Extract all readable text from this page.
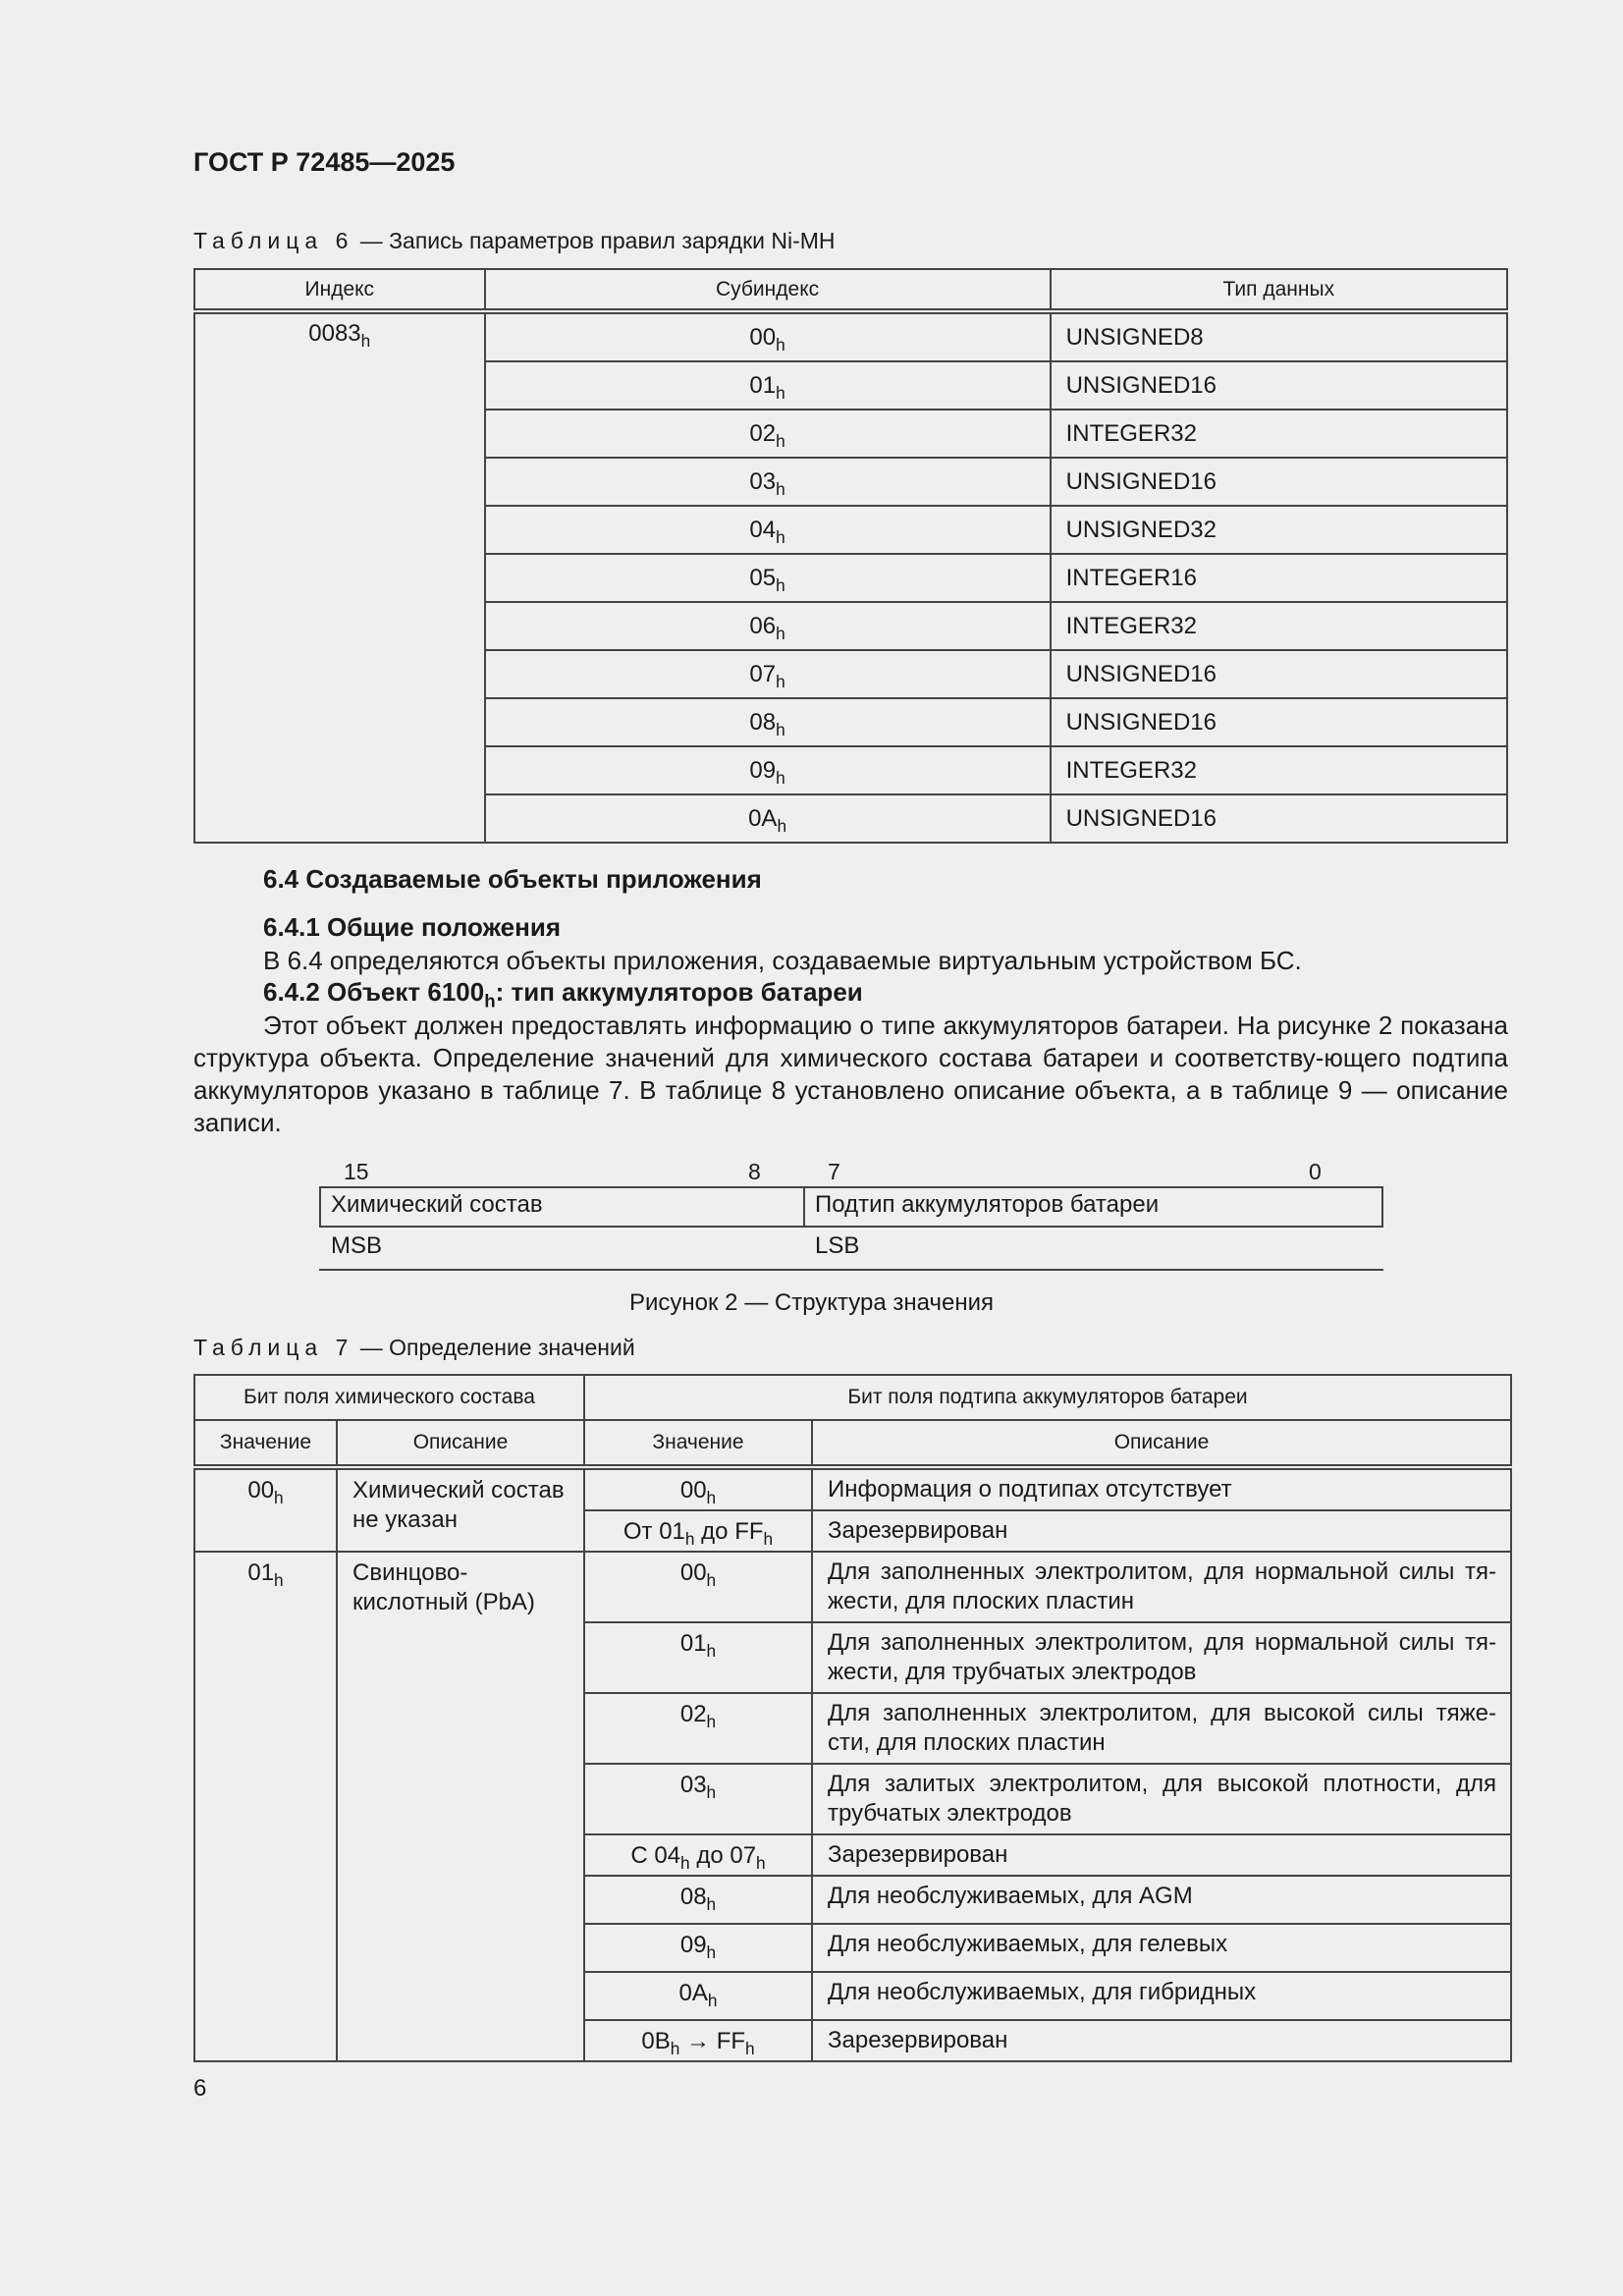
ГОСТ Р 72485—2025
Таблица 6 — Запись параметров правил зарядки Ni-MH
Индекс	Субиндекс	Тип данных
$0083_h$	$00_h$	UNSIGNED8
	$01_h$	UNSIGNED16
	$02_h$	INTEGER32
	$03_h$	UNSIGNED16
	$04_h$	UNSIGNED32
	$05_h$	INTEGER16
	$06_h$	INTEGER32
	$07_h$	UNSIGNED16
	$08_h$	UNSIGNED16
	$09_h$	INTEGER32
	$0A_h$	UNSIGNED16
6.4 Создаваемые объекты приложения
6.4.1 Общие положения
В 6.4 определяются объекты приложения, создаваемые виртуальным устройством БС.
6.4.2 Объект $6100_h$: тип аккумуляторов батареи
Этот объект должен предоставлять информацию о типе аккумуляторов батареи. На рисунке 2 показана структура объекта. Определение значений для химического состава батареи и соответству-ющего подтипа аккумуляторов указано в таблице 7. В таблице 8 установлено описание объекта, а в таблице 9 — описание записи.
15	8	7	0
Химический состав	Подтип аккумуляторов батареи
MSB	LSB
Рисунок 2 — Структура значения
Таблица 7 — Определение значений
Бит поля химического состава		Бит поля подтипа аккумуляторов батареи	
Значение	Описание	Значение	Описание
$00_h$	Химический состав не указан	$00_h$	Информация о подтипах отсутствует
		От $01_h$ до $FF_h$	Зарезервирован
$01_h$	Свинцово-кислотный (PbA)	$00_h$	Для заполненных электролитом, для нормальной силы тя-жести, для плоских пластин
		$01_h$	Для заполненных электролитом, для нормальной силы тя-жести, для трубчатых электродов
		$02_h$	Для заполненных электролитом, для высокой силы тяже-сти, для плоских пластин
		$03_h$	Для залитых электролитом, для высокой плотности, для трубчатых электродов
		С $04_h$ до $07_h$	Зарезервирован
		$08_h$	Для необслуживаемых, для AGM
		$09_h$	Для необслуживаемых, для гелевых
		$0A_h$	Для необслуживаемых, для гибридных
		$0B_h \to FF_h$	Зарезервирован
6
